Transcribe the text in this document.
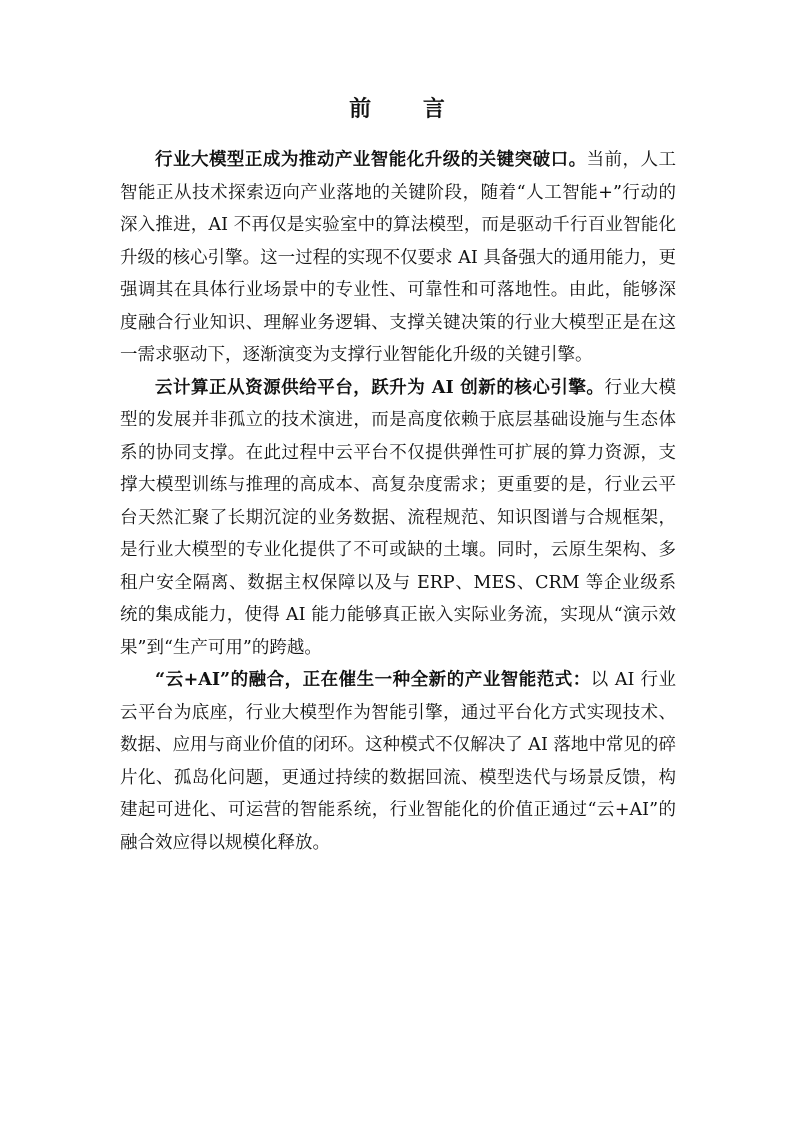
前 言

行业大模型正成为推动产业智能化升级的关键突破口。当前，人工智能正从技术探索迈向产业落地的关键阶段，随着“人工智能+”行动的深入推进，AI 不再仅是实验室中的算法模型，而是驱动千行百业智能化升级的核心引擎。这一过程的实现不仅要求 AI 具备强大的通用能力，更强调其在具体行业场景中的专业性、可靠性和可落地性。由此，能够深度融合行业知识、理解业务逻辑、支撑关键决策的行业大模型正是在这一需求驱动下，逐渐演变为支撑行业智能化升级的关键引擎。

云计算正从资源供给平台，跃升为 AI 创新的核心引擎。行业大模型的发展并非孤立的技术演进，而是高度依赖于底层基础设施与生态体系的协同支撑。在此过程中云平台不仅提供弹性可扩展的算力资源，支撑大模型训练与推理的高成本、高复杂度需求；更重要的是，行业云平台天然汇聚了长期沉淀的业务数据、流程规范、知识图谱与合规框架，是行业大模型的专业化提供了不可或缺的土壤。同时，云原生架构、多租户安全隔离、数据主权保障以及与 ERP、MES、CRM 等企业级系统的集成能力，使得 AI 能力能够真正嵌入实际业务流，实现从“演示效果”到“生产可用”的跨越。

“云+AI”的融合，正在催生一种全新的产业智能范式：以 AI 行业云平台为底座，行业大模型作为智能引擎，通过平台化方式实现技术、数据、应用与商业价值的闭环。这种模式不仅解决了 AI 落地中常见的碎片化、孤岛化问题，更通过持续的数据回流、模型迭代与场景反馈，构建起可进化、可运营的智能系统，行业智能化的价值正通过“云+AI”的融合效应得以规模化释放。
